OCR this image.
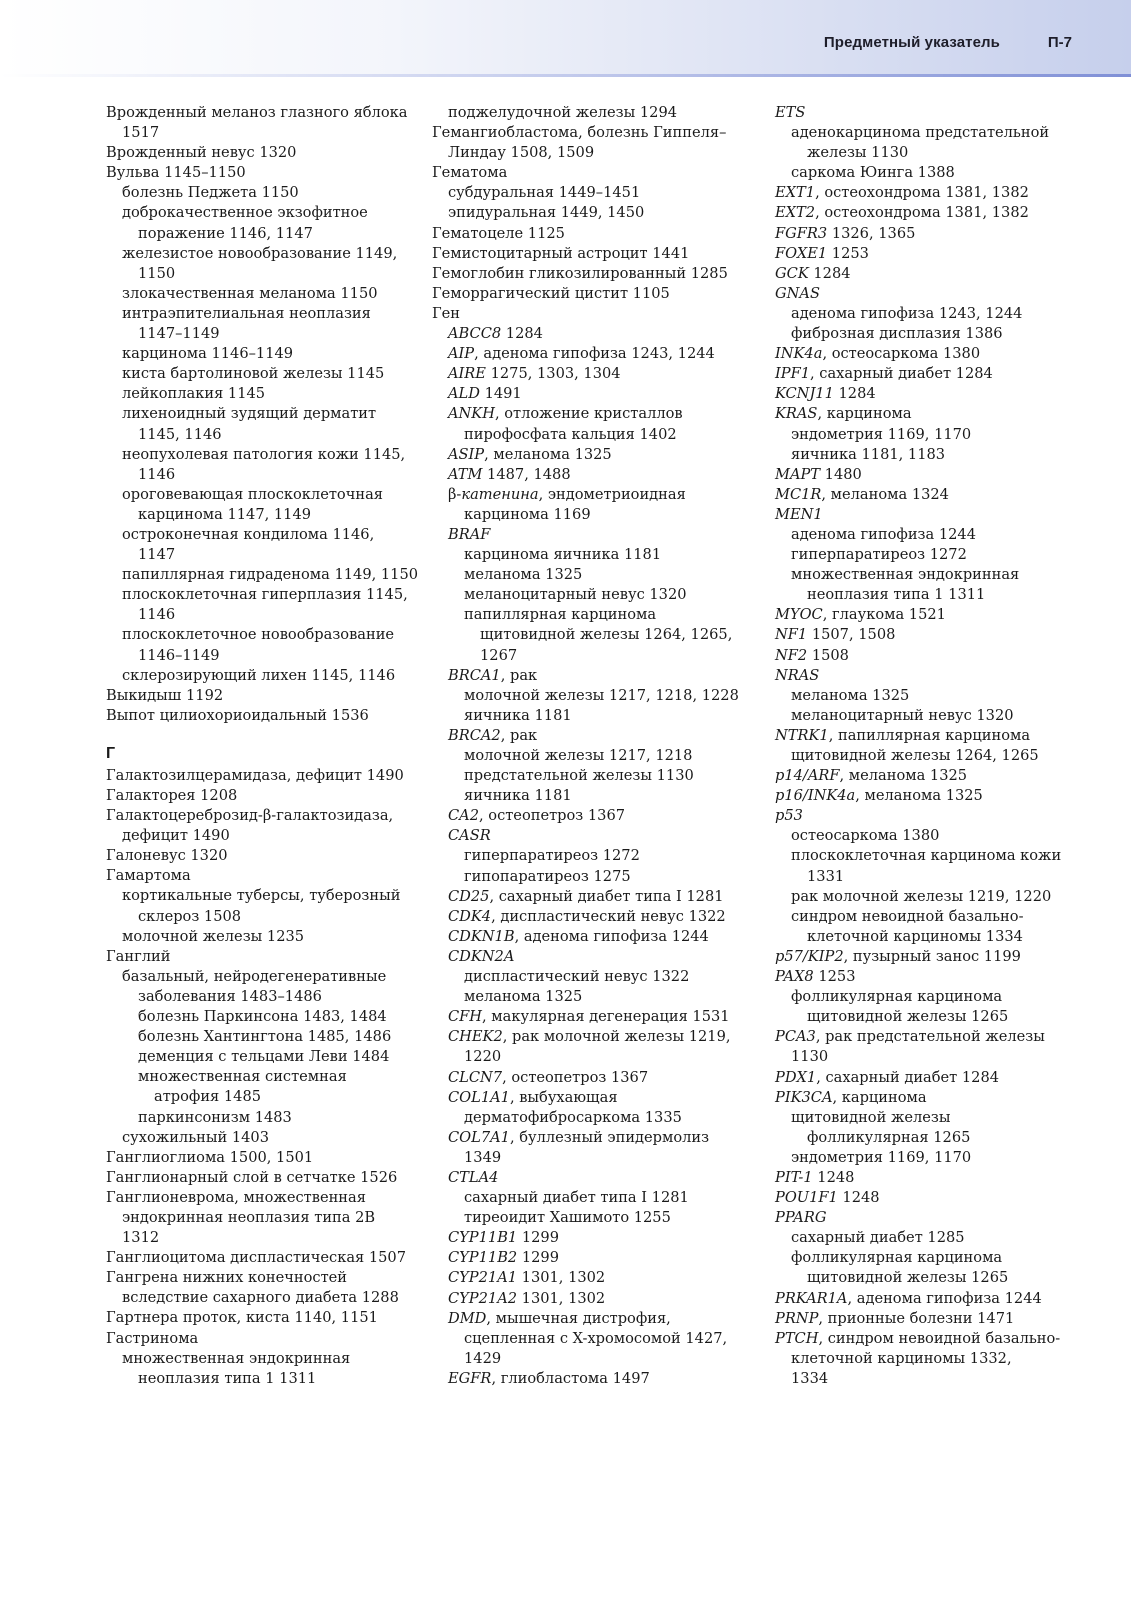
Предметный указатель	П-7
Врожденный меланоз глазного яблока
1517
Врожденный невус 1320
Вульва 1145–1150
болезнь Педжета 1150
доброкачественное экзофитное
поражение 1146, 1147
железистое новообразование 1149,
1150
злокачественная меланома 1150
интраэпителиальная неоплазия
1147–1149
карцинома 1146–1149
киста бартолиновой железы 1145
лейкоплакия 1145
лихеноидный зудящий дерматит
1145, 1146
неопухолевая патология кожи 1145,
1146
ороговевающая плоскоклеточная
карцинома 1147, 1149
остроконечная кондилома 1146,
1147
папиллярная гидраденома 1149, 1150
плоскоклеточная гиперплазия 1145,
1146
плоскоклеточное новообразование
1146–1149
склерозирующий лихен 1145, 1146
Выкидыш 1192
Выпот цилиохориоидальный 1536
Г
Галактозилцерамидаза, дефицит 1490
Галакторея 1208
Галактоцереброзид-β-галактозидаза,
дефицит 1490
Галоневус 1320
Гамартома
кортикальные туберсы, туберозный
склероз 1508
молочной железы 1235
Ганглий
базальный, нейродегенеративные
заболевания 1483–1486
болезнь Паркинсона 1483, 1484
болезнь Хантингтона 1485, 1486
деменция с тельцами Леви 1484
множественная системная
атрофия 1485
паркинсонизм 1483
сухожильный 1403
Ганглиоглиома 1500, 1501
Ганглионарный слой в сетчатке 1526
Ганглионеврома, множественная
эндокринная неоплазия типа 2B
1312
Ганглиоцитома диспластическая 1507
Гангрена нижних конечностей
вследствие сахарного диабета 1288
Гартнера проток, киста 1140, 1151
Гастринома
множественная эндокринная
неоплазия типа 1 1311
поджелудочной железы 1294
Гемангиобластома, болезнь Гиппеля–
Линдау 1508, 1509
Гематома
субдуральная 1449–1451
эпидуральная 1449, 1450
Гематоцеле 1125
Гемистоцитарный астроцит 1441
Гемоглобин гликозилированный 1285
Геморрагический цистит 1105
Ген
ABCC8 1284
AIP, аденома гипофиза 1243, 1244
AIRE 1275, 1303, 1304
ALD 1491
ANKH, отложение кристаллов
пирофосфата кальция 1402
ASIP, меланома 1325
ATM 1487, 1488
β-катенина, эндометриоидная
карцинома 1169
BRAF
карцинома яичника 1181
меланома 1325
меланоцитарный невус 1320
папиллярная карцинома
щитовидной железы 1264, 1265,
1267
BRCA1, рак
молочной железы 1217, 1218, 1228
яичника 1181
BRCA2, рак
молочной железы 1217, 1218
предстательной железы 1130
яичника 1181
CA2, остеопетроз 1367
CASR
гиперпаратиреоз 1272
гипопаратиреоз 1275
CD25, сахарный диабет типа I 1281
CDK4, диспластический невус 1322
CDKN1B, аденома гипофиза 1244
CDKN2A
диспластический невус 1322
меланома 1325
CFH, макулярная дегенерация 1531
CHEK2, рак молочной железы 1219,
1220
CLCN7, остеопетроз 1367
COL1A1, выбухающая
дерматофибросаркома 1335
COL7A1, буллезный эпидермолиз
1349
CTLA4
сахарный диабет типа I 1281
тиреоидит Хашимото 1255
CYP11B1 1299
CYP11B2 1299
CYP21A1 1301, 1302
CYP21A2 1301, 1302
DMD, мышечная дистрофия,
сцепленная с X-хромосомой 1427,
1429
EGFR, глиобластома 1497
ETS
аденокарцинома предстательной
железы 1130
саркома Юинга 1388
EXT1, остеохондрома 1381, 1382
EXT2, остеохондрома 1381, 1382
FGFR3 1326, 1365
FOXE1 1253
GCK 1284
GNAS
аденома гипофиза 1243, 1244
фиброзная дисплазия 1386
INK4a, остеосаркома 1380
IPF1, сахарный диабет 1284
KCNJ11 1284
KRAS, карцинома
эндометрия 1169, 1170
яичника 1181, 1183
MAPT 1480
MC1R, меланома 1324
MEN1
аденома гипофиза 1244
гиперпаратиреоз 1272
множественная эндокринная
неоплазия типа 1 1311
MYOC, глаукома 1521
NF1 1507, 1508
NF2 1508
NRAS
меланома 1325
меланоцитарный невус 1320
NTRK1, папиллярная карцинома
щитовидной железы 1264, 1265
p14/ARF, меланома 1325
p16/INK4a, меланома 1325
p53
остеосаркома 1380
плоскоклеточная карцинома кожи
1331
рак молочной железы 1219, 1220
синдром невоидной базально-
клеточной карциномы 1334
p57/KIP2, пузырный занос 1199
PAX8 1253
фолликулярная карцинома
щитовидной железы 1265
PCA3, рак предстательной железы
1130
PDX1, сахарный диабет 1284
PIK3CA, карцинома
щитовидной железы
фолликулярная 1265
эндометрия 1169, 1170
PIT-1 1248
POU1F1 1248
PPARG
сахарный диабет 1285
фолликулярная карцинома
щитовидной железы 1265
PRKAR1A, аденома гипофиза 1244
PRNP, прионные болезни 1471
PTCH, синдром невоидной базально-
клеточной карциномы 1332,
1334
